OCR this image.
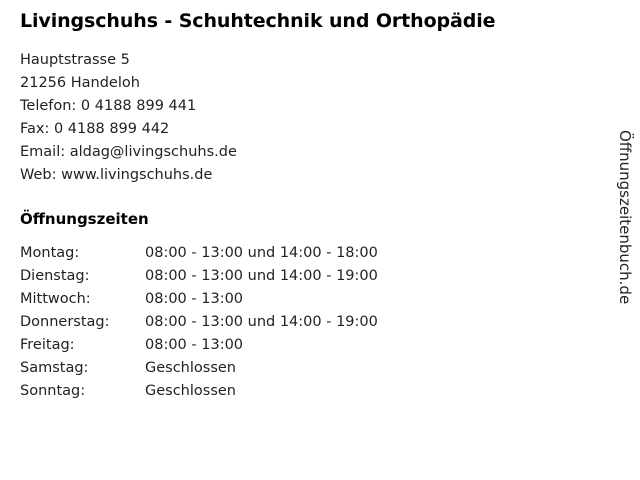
Livingschuhs - Schuhtechnik und Orthopädie
Hauptstrasse 5
21256 Handeloh
Telefon: 0 4188 899 441
Fax: 0 4188 899 442
Email: aldag@livingschuhs.de
Web: www.livingschuhs.de
Öffnungszeiten
Montag:	08:00 - 13:00 und 14:00 - 18:00
Dienstag:	08:00 - 13:00 und 14:00 - 19:00
Mittwoch:	08:00 - 13:00
Donnerstag:	08:00 - 13:00 und 14:00 - 19:00
Freitag:	08:00 - 13:00
Samstag:	Geschlossen
Sonntag:	Geschlossen
Öffnungszeitenbuch.de
